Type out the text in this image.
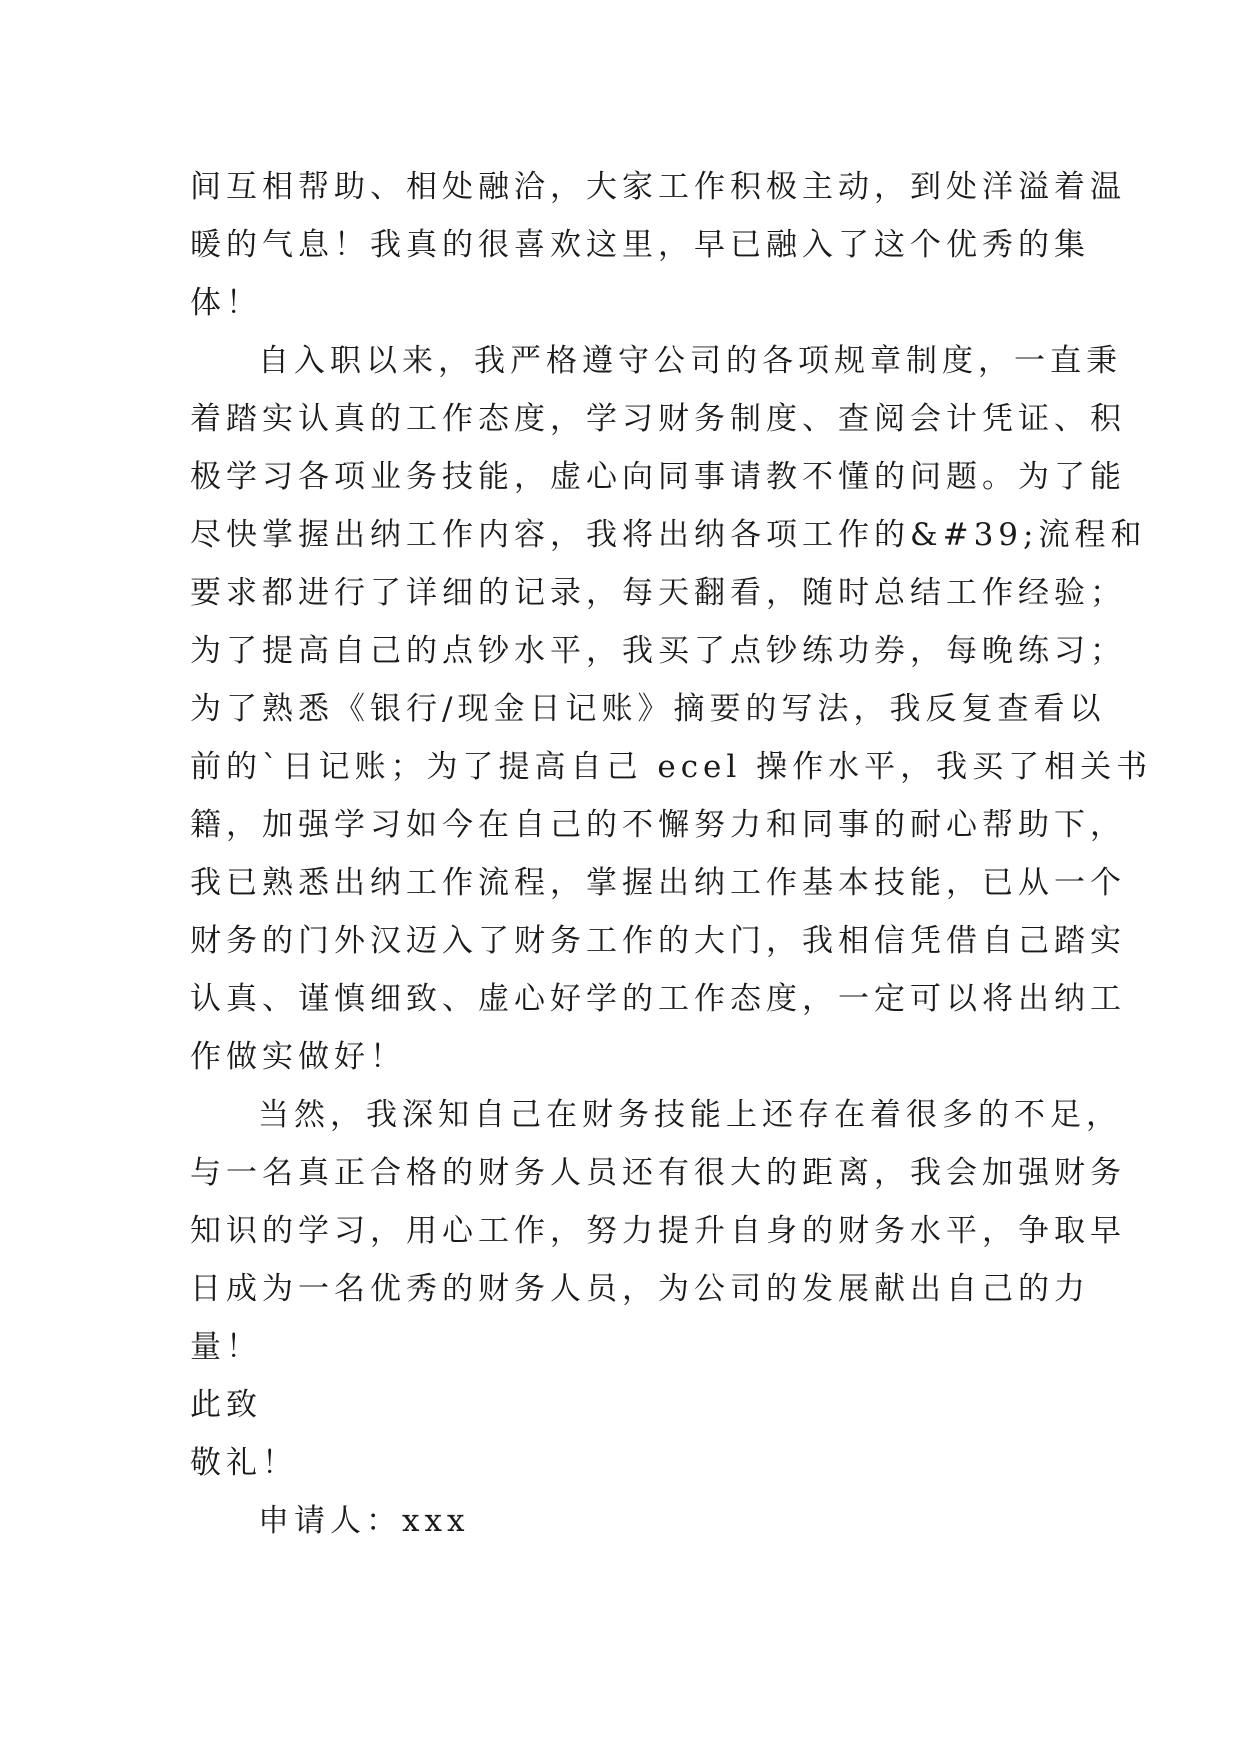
间互相帮助、相处融洽，大家工作积极主动，到处洋溢着温
暖的气息！我真的很喜欢这里，早已融入了这个优秀的集
体！
自入职以来，我严格遵守公司的各项规章制度，一直秉
着踏实认真的工作态度，学习财务制度、查阅会计凭证、积
极学习各项业务技能，虚心向同事请教不懂的问题。为了能
尽快掌握出纳工作内容，我将出纳各项工作的&#39;流程和
要求都进行了详细的记录，每天翻看，随时总结工作经验；
为了提高自己的点钞水平，我买了点钞练功券，每晚练习；
为了熟悉《银行/现金日记账》摘要的写法，我反复查看以
前的`日记账；为了提高自己 ecel 操作水平，我买了相关书
籍，加强学习如今在自己的不懈努力和同事的耐心帮助下，
我已熟悉出纳工作流程，掌握出纳工作基本技能，已从一个
财务的门外汉迈入了财务工作的大门，我相信凭借自己踏实
认真、谨慎细致、虚心好学的工作态度，一定可以将出纳工
作做实做好！
当然，我深知自己在财务技能上还存在着很多的不足，
与一名真正合格的财务人员还有很大的距离，我会加强财务
知识的学习，用心工作，努力提升自身的财务水平，争取早
日成为一名优秀的财务人员，为公司的发展献出自己的力
量！
此致
敬礼！
申请人：xxx
